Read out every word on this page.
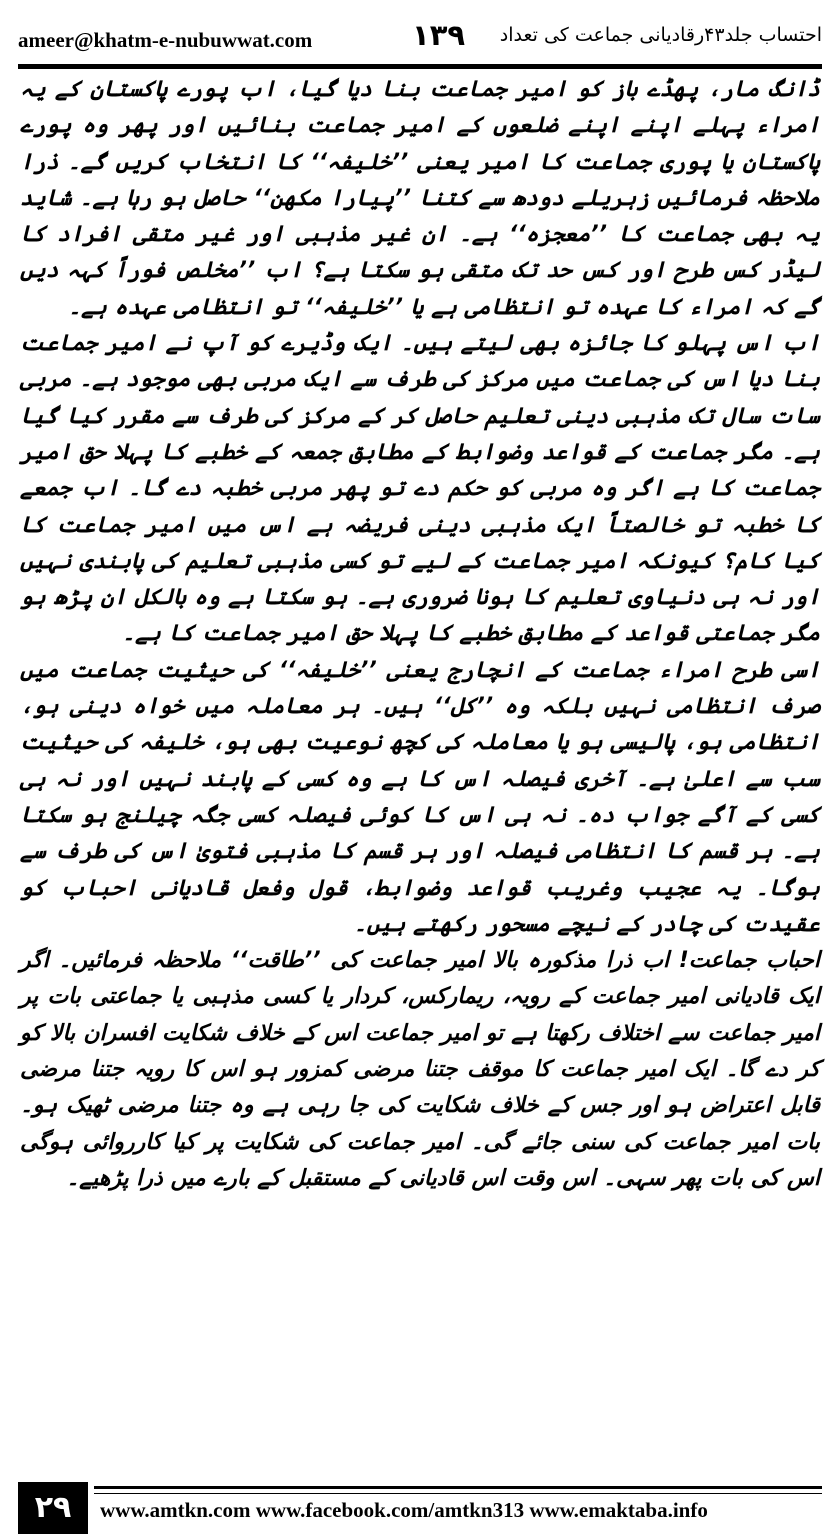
ameer@khatm-e-nubuwwat.com	۱۳۹ احتساب جلد۴۳رقادیانی جماعت کی تعداد

ڈانگ مار، پھڈے باز کو امیر جماعت بنا دیا گیا، اب پورے پاکستان کے یہ امراء پہلے اپنے اپنے ضلعوں کے امیر جماعت بنائیں اور پھر وہ پورے پاکستان یا پوری جماعت کا امیر یعنی ’’خلیفہ‘‘ کا انتخاب کریں گے۔ ذرا ملاحظہ فرمائیں زہریلے دودھ سے کتنا ’’پیارا مکھن‘‘ حاصل ہو رہا ہے۔ شاید یہ بھی جماعت کا ’’معجزہ‘‘ ہے۔ ان غیر مذہبی اور غیر متقی افراد کا لیڈر کس طرح اور کس حد تک متقی ہو سکتا ہے؟ اب ’’مخلص فوراً کہہ دیں گے کہ امراء کا عہدہ تو انتظامی ہے یا ’’خلیفہ‘‘ تو انتظامی عہدہ ہے۔

اب اس پہلو کا جائزہ بھی لیتے ہیں۔ ایک وڈیرے کو آپ نے امیر جماعت بنا دیا اس کی جماعت میں مرکز کی طرف سے ایک مربی بھی موجود ہے۔ مربی سات سال تک مذہبی دینی تعلیم حاصل کر کے مرکز کی طرف سے مقرر کیا گیا ہے۔ مگر جماعت کے قواعد وضوابط کے مطابق جمعہ کے خطبے کا پہلا حق امیر جماعت کا ہے اگر وہ مربی کو حکم دے تو پھر مربی خطبہ دے گا۔ اب جمعے کا خطبہ تو خالصتاً ایک مذہبی دینی فریضہ ہے اس میں امیر جماعت کا کیا کام؟ کیونکہ امیر جماعت کے لیے تو کسی مذہبی تعلیم کی پابندی نہیں اور نہ ہی دنیاوی تعلیم کا ہونا ضروری ہے۔ ہو سکتا ہے وہ بالکل ان پڑھ ہو مگر جماعتی قواعد کے مطابق خطبے کا پہلا حق امیر جماعت کا ہے۔

اسی طرح امراء جماعت کے انچارج یعنی ’’خلیفہ‘‘ کی حیثیت جماعت میں صرف انتظامی نہیں بلکہ وہ ’’کل‘‘ ہیں۔ ہر معاملہ میں خواہ دینی ہو، انتظامی ہو، پالیسی ہو یا معاملہ کی کچھ نوعیت بھی ہو، خلیفہ کی حیثیت سب سے اعلیٰ ہے۔ آخری فیصلہ اس کا ہے وہ کسی کے پابند نہیں اور نہ ہی کسی کے آگے جواب دہ۔ نہ ہی اس کا کوئی فیصلہ کسی جگہ چیلنج ہو سکتا ہے۔ ہر قسم کا انتظامی فیصلہ اور ہر قسم کا مذہبی فتویٰ اس کی طرف سے ہوگا۔ یہ عجیب وغریب قواعد وضوابط، قول وفعل قادیانی احباب کو عقیدت کی چادر کے نیچے مسحور رکھتے ہیں۔

احباب جماعت! اب ذرا مذکورہ بالا امیر جماعت کی ’’طاقت‘‘ ملاحظہ فرمائیں۔ اگر ایک قادیانی امیر جماعت کے رویہ، ریمارکس، کردار یا کسی مذہبی یا جماعتی بات پر امیر جماعت سے اختلاف رکھتا ہے تو امیر جماعت اس کے خلاف شکایت افسران بالا کو کر دے گا۔ ایک امیر جماعت کا موقف جتنا مرضی کمزور ہو اس کا رویہ جتنا مرضی قابل اعتراض ہو اور جس کے خلاف شکایت کی جا رہی ہے وہ جتنا مرضی ٹھیک ہو۔ بات امیر جماعت کی سنی جائے گی۔ امیر جماعت کی شکایت پر کیا کارروائی ہوگی اس کی بات پھر سہی۔ اس وقت اس قادیانی کے مستقبل کے بارے میں ذرا پڑھیے۔

۲۹	www.amtkn.com www.facebook.com/amtkn313 www.emaktaba.info
